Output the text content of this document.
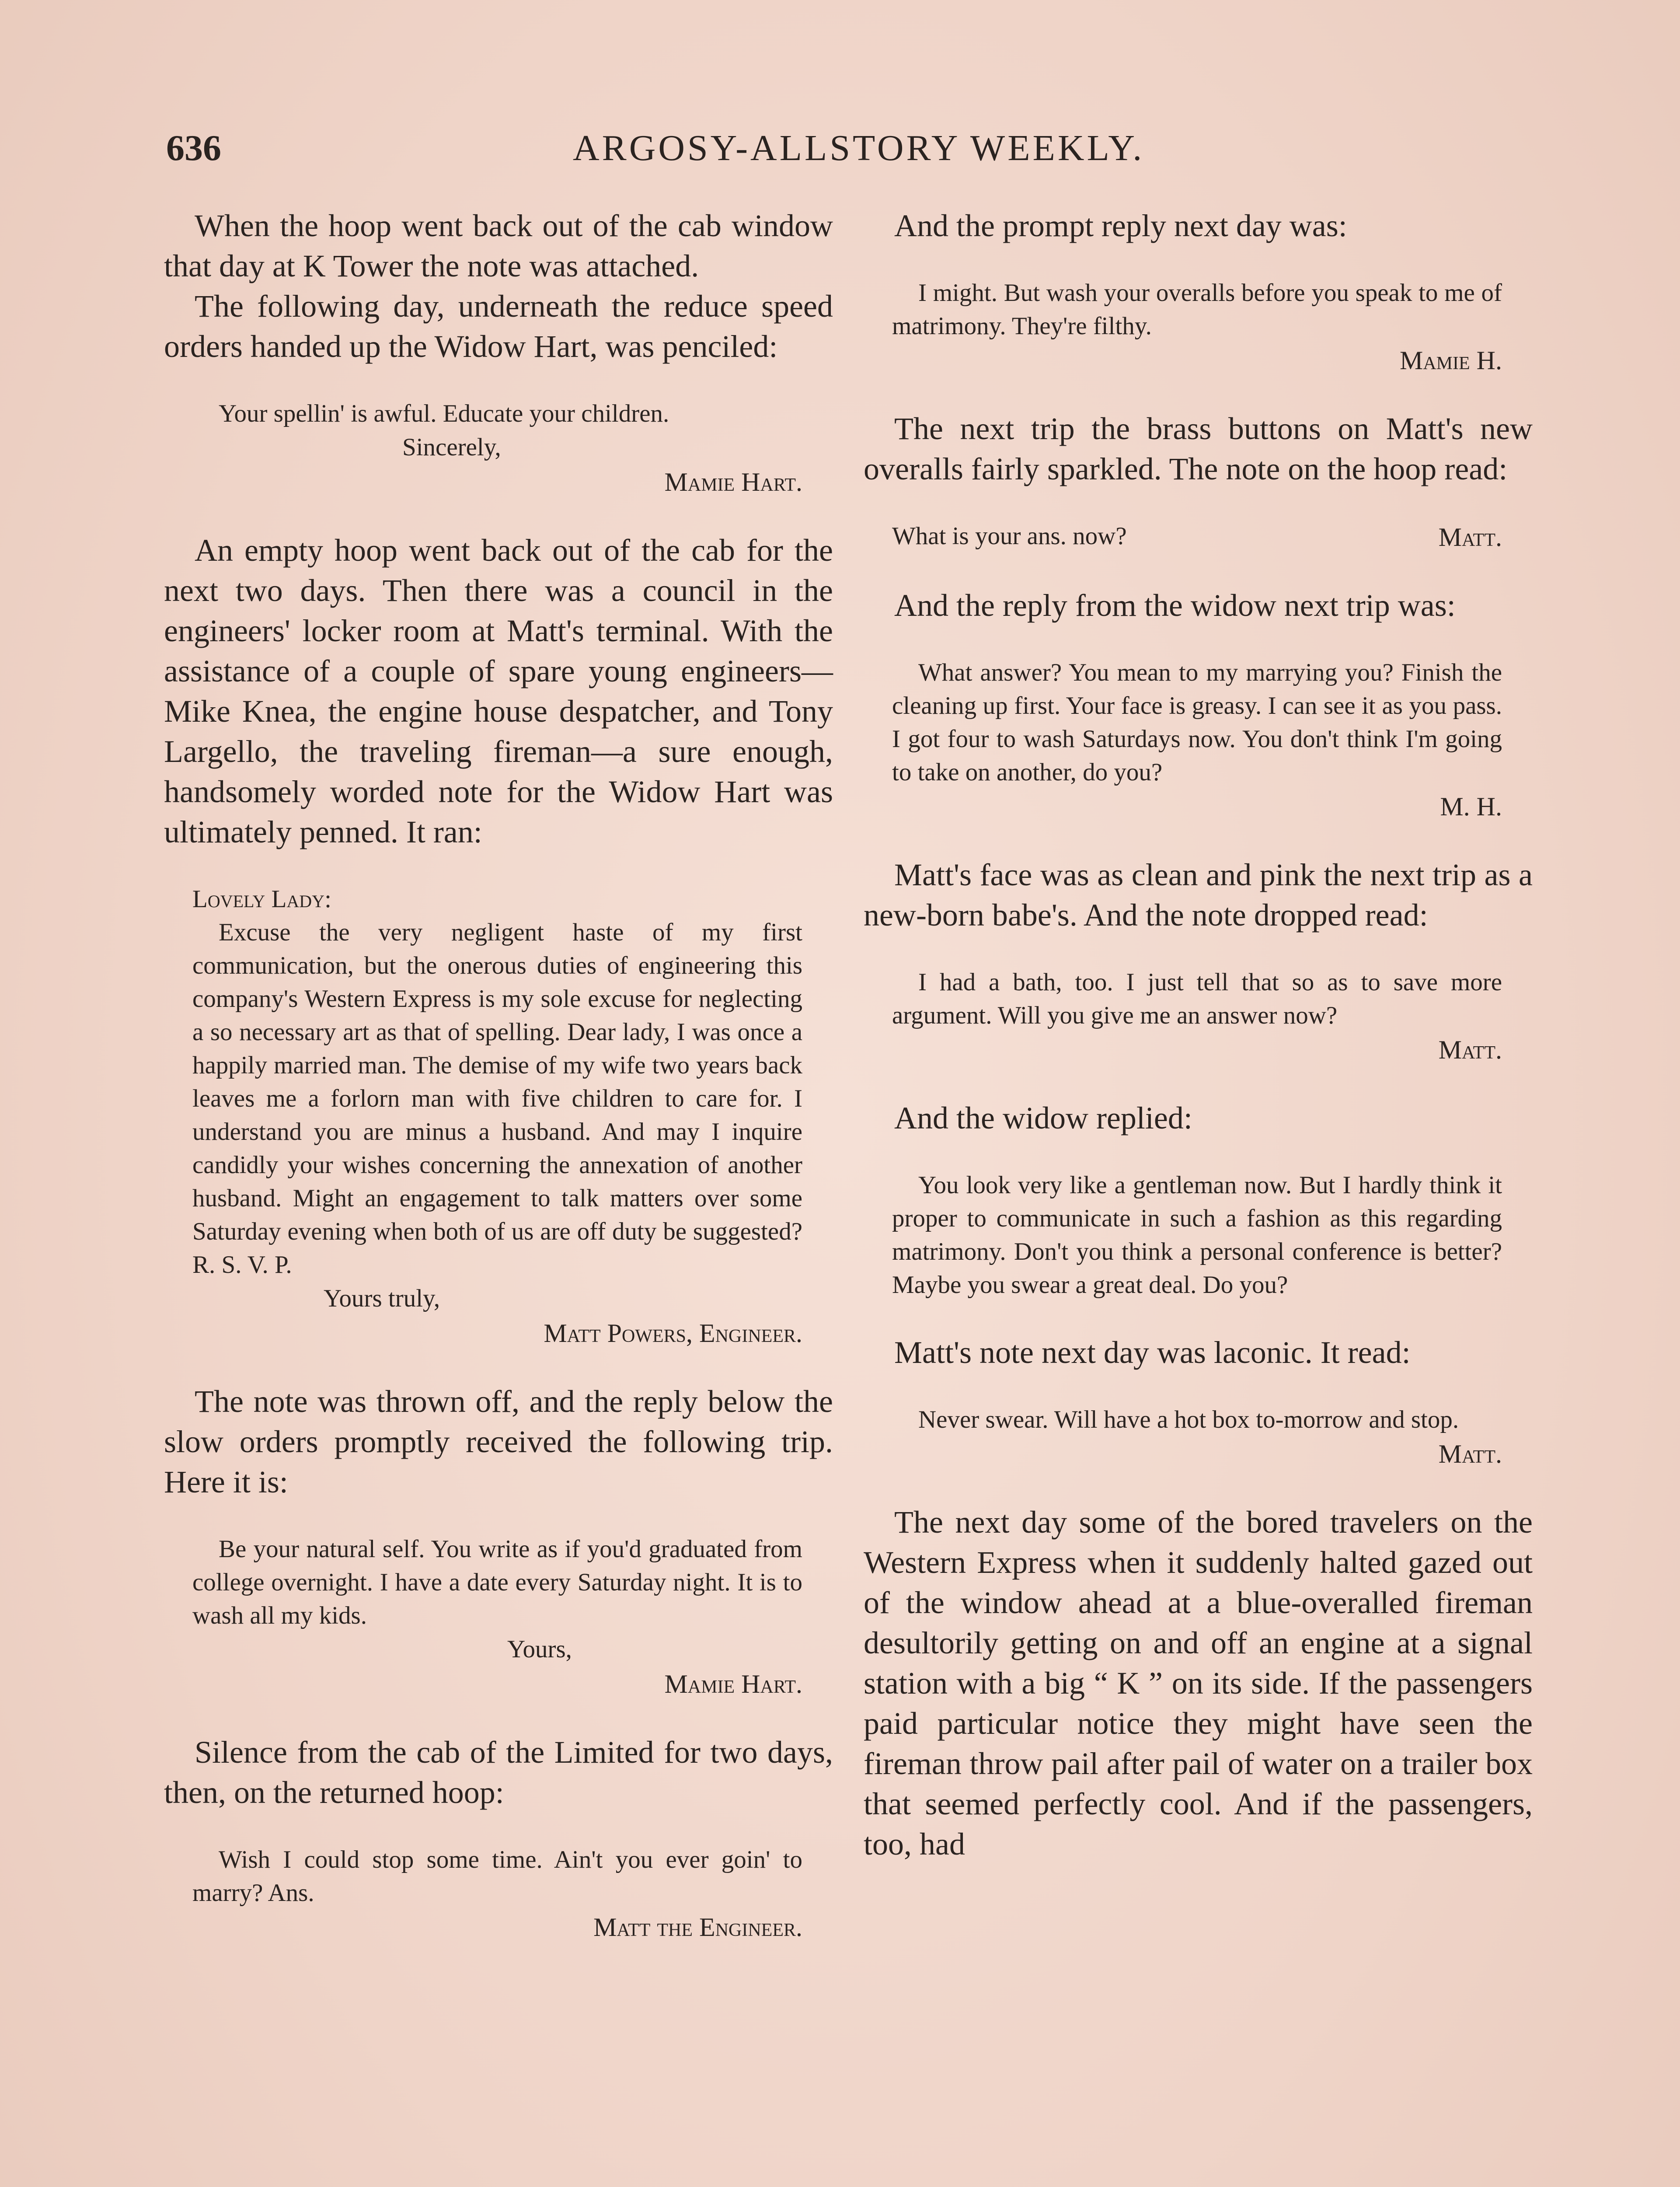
636	ARGOSY-ALLSTORY WEEKLY.

When the hoop went back out of the cab window that day at K Tower the note was attached.

The following day, underneath the reduce speed orders handed up the Widow Hart, was penciled:

Your spellin' is awful. Educate your children.

Sincerely,
Mamie Hart.

An empty hoop went back out of the cab for the next two days. Then there was a council in the engineers' locker room at Matt's terminal. With the assistance of a couple of spare young engineers—Mike Knea, the engine house despatcher, and Tony Largello, the traveling fireman—a sure enough, handsomely worded note for the Widow Hart was ultimately penned. It ran:

Lovely Lady:

Excuse the very negligent haste of my first communication, but the onerous duties of engineering this company's Western Express is my sole excuse for neglecting a so necessary art as that of spelling. Dear lady, I was once a happily married man. The demise of my wife two years back leaves me a forlorn man with five children to care for. I understand you are minus a husband. And may I inquire candidly your wishes concerning the annexation of another husband. Might an engagement to talk matters over some Saturday evening when both of us are off duty be suggested? R. S. V. P.

Yours truly,
Matt Powers, Engineer.

The note was thrown off, and the reply below the slow orders promptly received the following trip. Here it is:

Be your natural self. You write as if you'd graduated from college overnight. I have a date every Saturday night. It is to wash all my kids.

Yours,
Mamie Hart.

Silence from the cab of the Limited for two days, then, on the returned hoop:

Wish I could stop some time. Ain't you ever goin' to marry? Ans.

Matt the Engineer.

And the prompt reply next day was:

I might. But wash your overalls before you speak to me of matrimony. They're filthy.

Mamie H.

The next trip the brass buttons on Matt's new overalls fairly sparkled. The note on the hoop read:

What is your ans. now?	Matt.

And the reply from the widow next trip was:

What answer? You mean to my marrying you? Finish the cleaning up first. Your face is greasy. I can see it as you pass. I got four to wash Saturdays now. You don't think I'm going to take on another, do you?

M. H.

Matt's face was as clean and pink the next trip as a new-born babe's. And the note dropped read:

I had a bath, too. I just tell that so as to save more argument. Will you give me an answer now?

Matt.

And the widow replied:

You look very like a gentleman now. But I hardly think it proper to communicate in such a fashion as this regarding matrimony. Don't you think a personal conference is better? Maybe you swear a great deal. Do you?

Matt's note next day was laconic. It read:

Never swear. Will have a hot box to-morrow and stop.

Matt.

The next day some of the bored travelers on the Western Express when it suddenly halted gazed out of the window ahead at a blue-overalled fireman desultorily getting on and off an engine at a signal station with a big “ K ” on its side. If the passengers paid particular notice they might have seen the fireman throw pail after pail of water on a trailer box that seemed perfectly cool. And if the passengers, too, had
